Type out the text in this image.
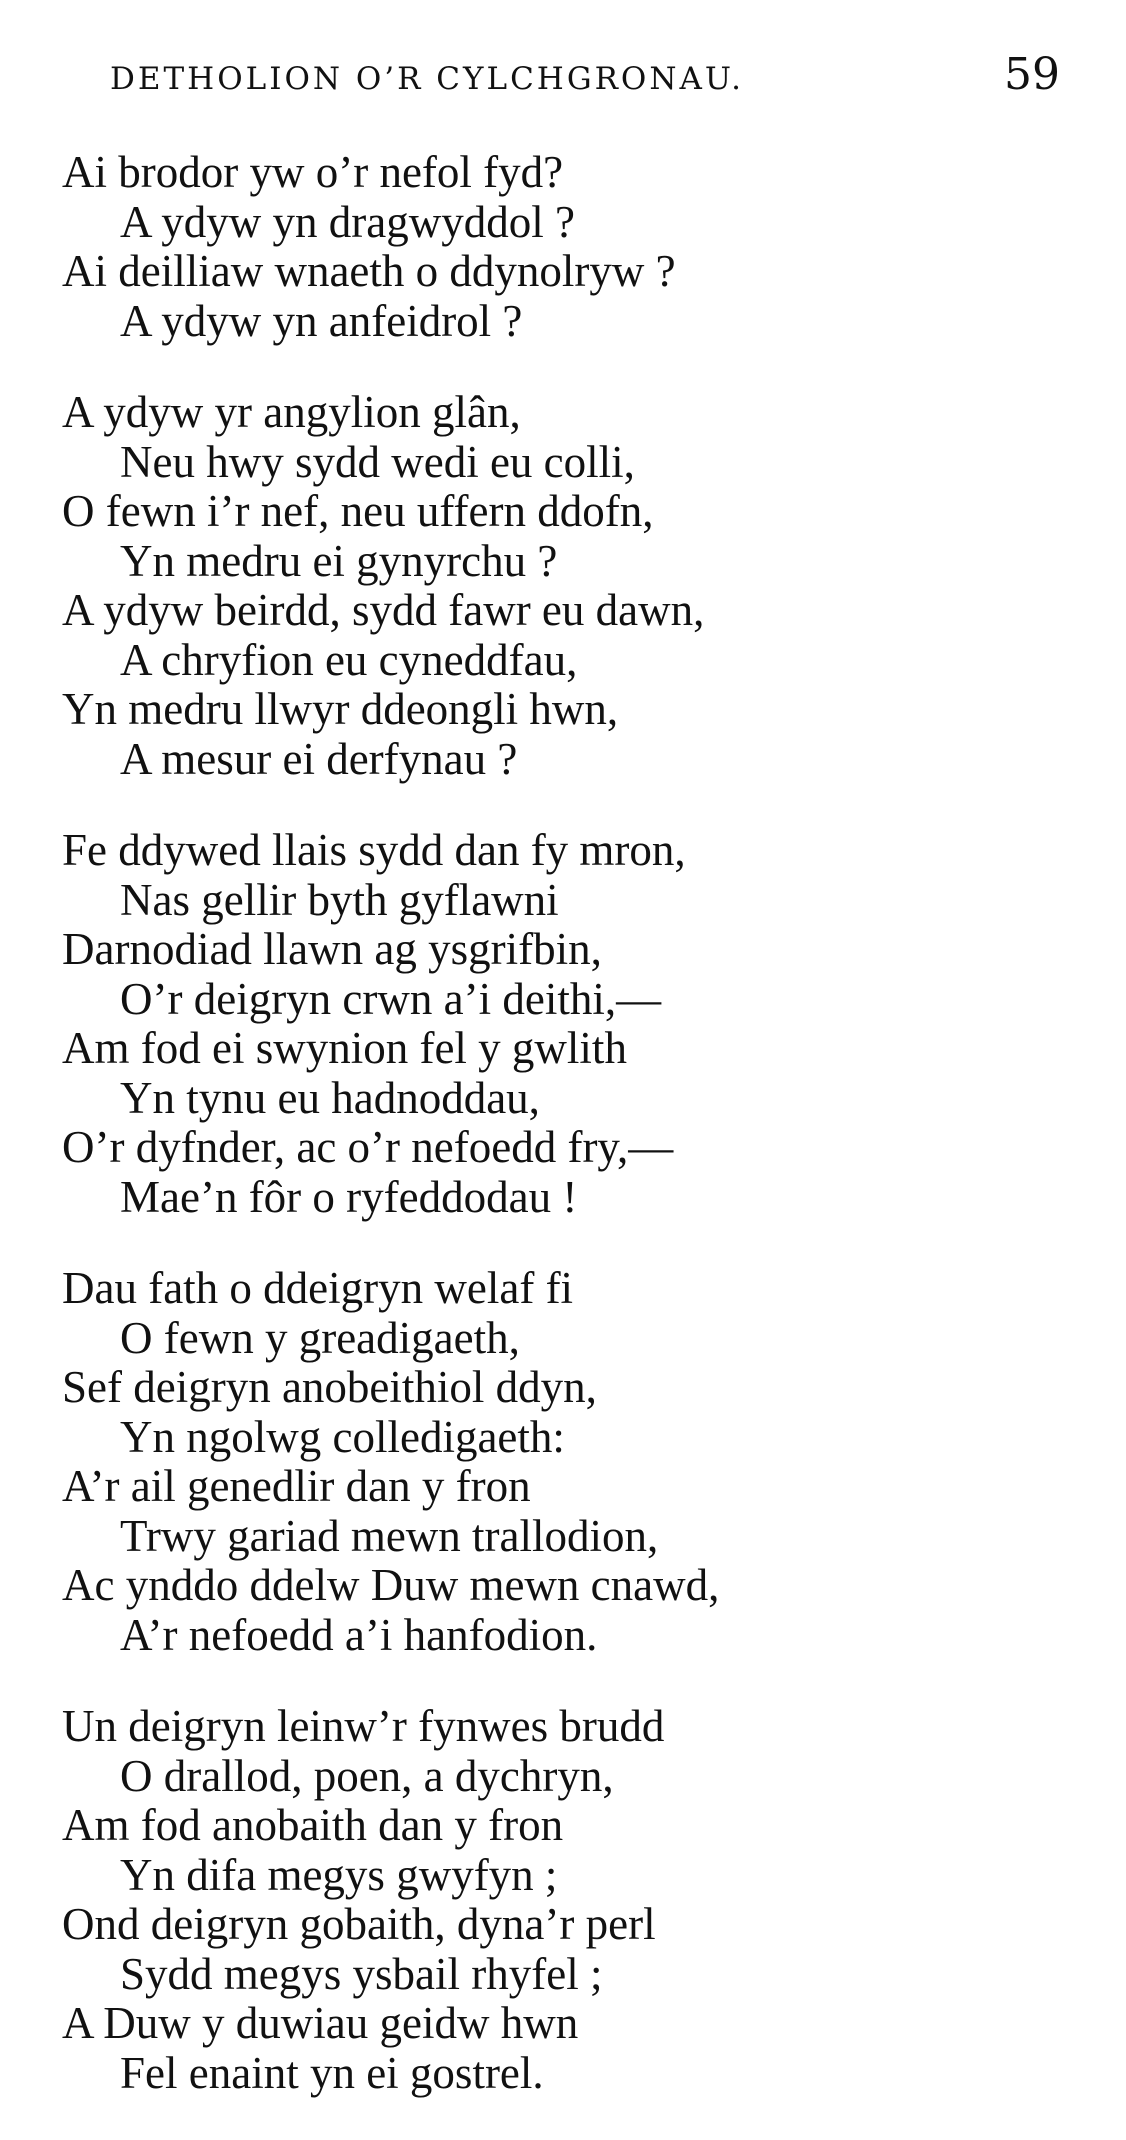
DETHOLION O’R CYLCHGRONAU.	59
Ai brodor yw o’r nefol fyd?
A ydyw yn dragwyddol ?
Ai deilliaw wnaeth o ddynolryw ?
A ydyw yn anfeidrol ?
A ydyw yr angylion glân,
Neu hwy sydd wedi eu colli,
O fewn i’r nef, neu uffern ddofn,
Yn medru ei gynyrchu ?
A ydyw beirdd, sydd fawr eu dawn,
A chryfion eu cyneddfau,
Yn medru llwyr ddeongli hwn,
A mesur ei derfynau ?
Fe ddywed llais sydd dan fy mron,
Nas gellir byth gyflawni
Darnodiad llawn ag ysgrifbin,
O’r deigryn crwn a’i deithi,—
Am fod ei swynion fel y gwlith
Yn tynu eu hadnoddau,
O’r dyfnder, ac o’r nefoedd fry,—
Mae’n fôr o ryfeddodau !
Dau fath o ddeigryn welaf fi
O fewn y greadigaeth,
Sef deigryn anobeithiol ddyn,
Yn ngolwg colledigaeth:
A’r ail genedlir dan y fron
Trwy gariad mewn trallodion,
Ac ynddo ddelw Duw mewn cnawd,
A’r nefoedd a’i hanfodion.
Un deigryn leinw’r fynwes brudd
O drallod, poen, a dychryn,
Am fod anobaith dan y fron
Yn difa megys gwyfyn ;
Ond deigryn gobaith, dyna’r perl
Sydd megys ysbail rhyfel ;
A Duw y duwiau geidw hwn
Fel enaint yn ei gostrel.
